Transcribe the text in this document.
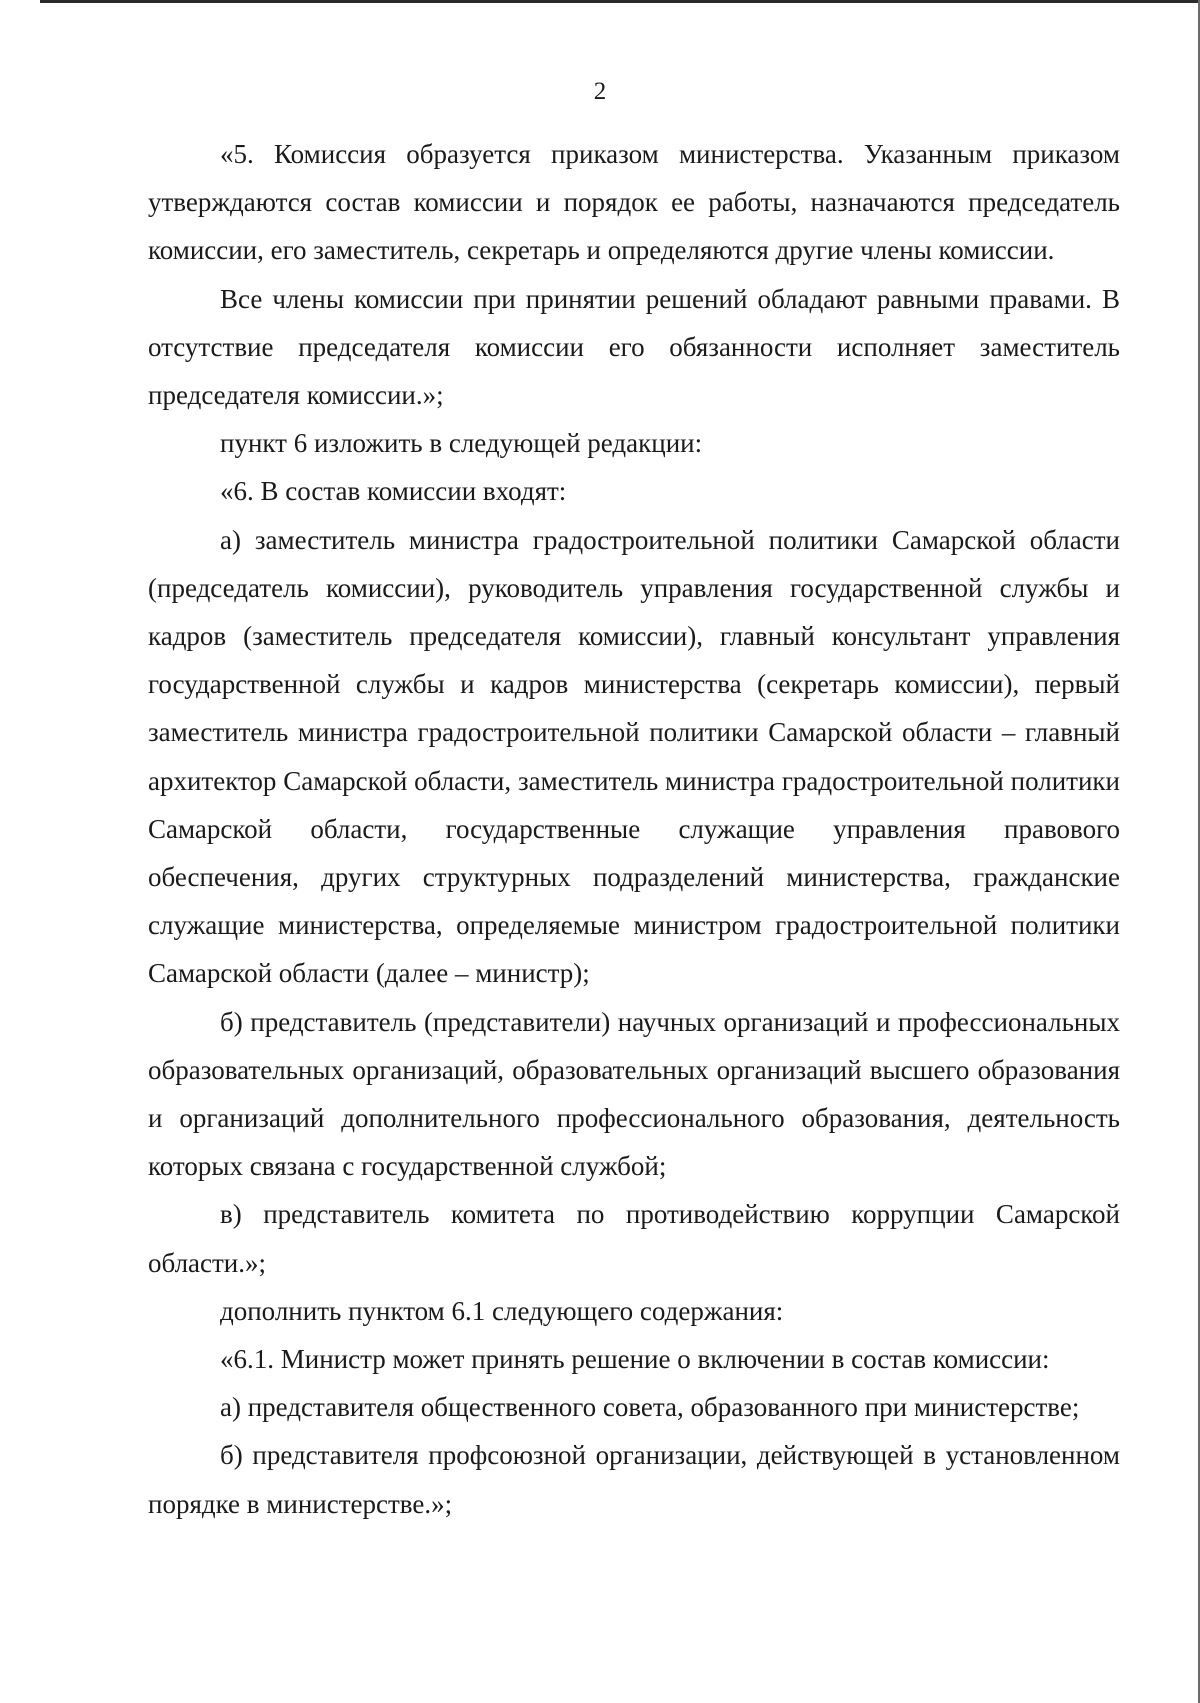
2

«5. Комиссия образуется приказом министерства. Указанным приказом утверждаются состав комиссии и порядок ее работы, назначаются председатель комиссии, его заместитель, секретарь и определяются другие члены комиссии.

Все члены комиссии при принятии решений обладают равными правами. В отсутствие председателя комиссии его обязанности исполняет заместитель председателя комиссии.»;

пункт 6 изложить в следующей редакции:

«6. В состав комиссии входят:

а) заместитель министра градостроительной политики Самарской области (председатель комиссии), руководитель управления государственной службы и кадров (заместитель председателя комиссии), главный консультант управления государственной службы и кадров министерства (секретарь комиссии), первый заместитель министра градостроительной политики Самарской области – главный архитектор Самарской области, заместитель министра градостроительной политики Самарской области, государственные служащие управления правового обеспечения, других структурных подразделений министерства, гражданские служащие министерства, определяемые министром градостроительной политики Самарской области (далее – министр);

б) представитель (представители) научных организаций и профессиональных образовательных организаций, образовательных организаций высшего образования и организаций дополнительного профессионального образования, деятельность которых связана с государственной службой;

в) представитель комитета по противодействию коррупции Самарской области.»;

дополнить пунктом 6.1 следующего содержания:

«6.1. Министр может принять решение о включении в состав комиссии:

а) представителя общественного совета, образованного при министерстве;

б) представителя профсоюзной организации, действующей в установленном порядке в министерстве.»;
